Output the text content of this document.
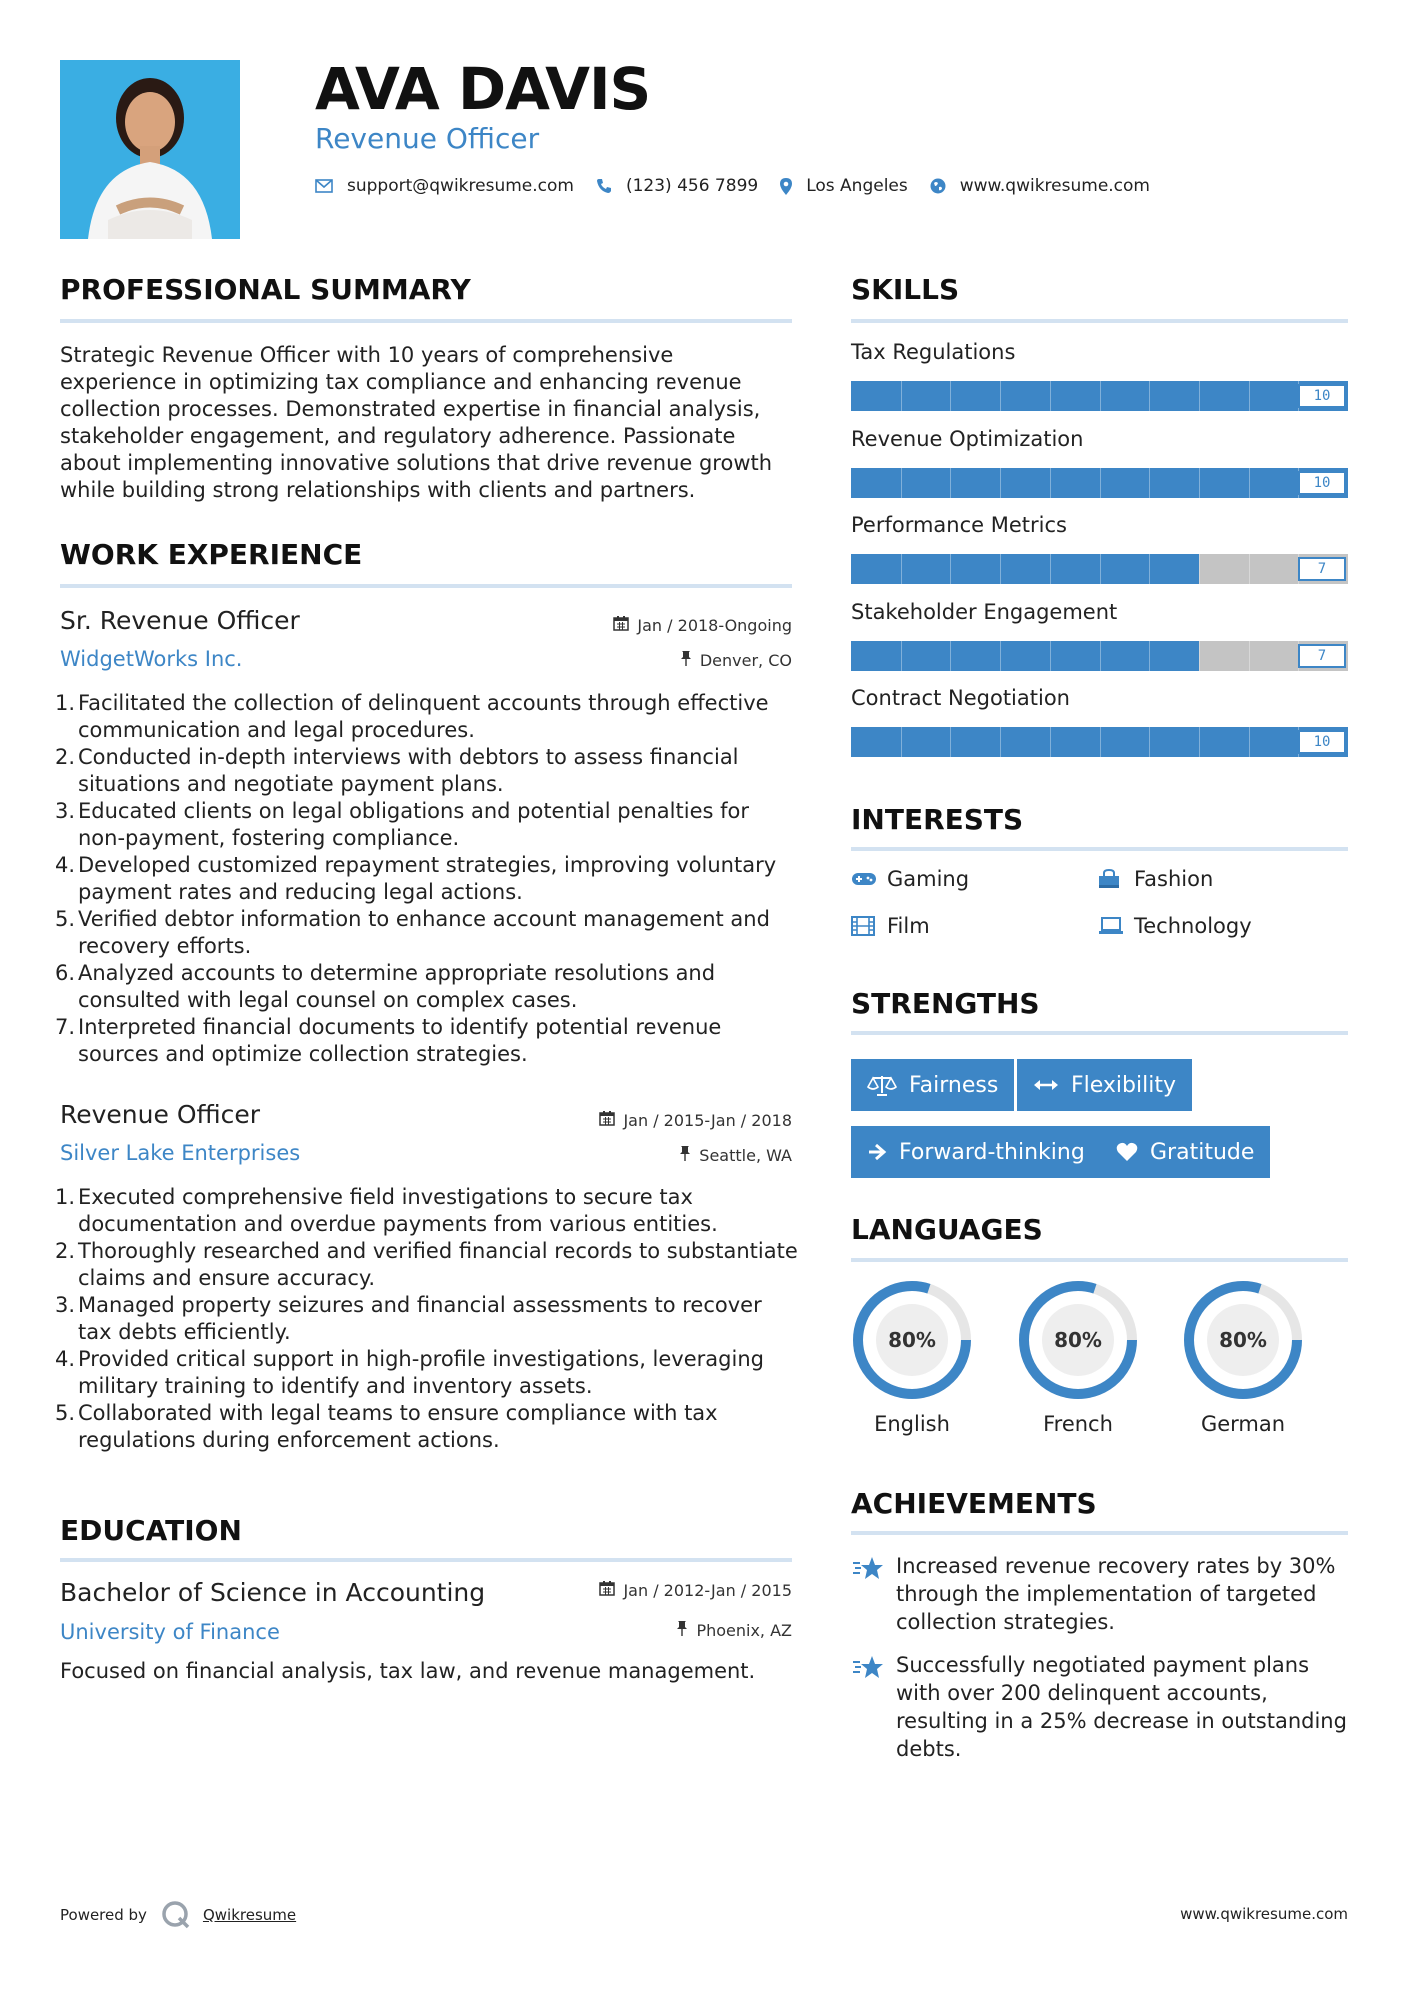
AVA DAVIS
Revenue Officer
support@qwikresume.com	(123) 456 7899	Los Angeles	www.qwikresume.com
PROFESSIONAL SUMMARY
Strategic Revenue Officer with 10 years of comprehensive experience in optimizing tax compliance and enhancing revenue collection processes. Demonstrated expertise in financial analysis, stakeholder engagement, and regulatory adherence. Passionate about implementing innovative solutions that drive revenue growth while building strong relationships with clients and partners.
WORK EXPERIENCE
Sr. Revenue Officer
WidgetWorks Inc.
Jan / 2018-Ongoing
Denver, CO
1. Facilitated the collection of delinquent accounts through effective communication and legal procedures.
2. Conducted in-depth interviews with debtors to assess financial situations and negotiate payment plans.
3. Educated clients on legal obligations and potential penalties for non-payment, fostering compliance.
4. Developed customized repayment strategies, improving voluntary payment rates and reducing legal actions.
5. Verified debtor information to enhance account management and recovery efforts.
6. Analyzed accounts to determine appropriate resolutions and consulted with legal counsel on complex cases.
7. Interpreted financial documents to identify potential revenue sources and optimize collection strategies.
Revenue Officer
Silver Lake Enterprises
Jan / 2015-Jan / 2018
Seattle, WA
1. Executed comprehensive field investigations to secure tax documentation and overdue payments from various entities.
2. Thoroughly researched and verified financial records to substantiate claims and ensure accuracy.
3. Managed property seizures and financial assessments to recover tax debts efficiently.
4. Provided critical support in high-profile investigations, leveraging military training to identify and inventory assets.
5. Collaborated with legal teams to ensure compliance with tax regulations during enforcement actions.
EDUCATION
Bachelor of Science in Accounting
University of Finance
Jan / 2012-Jan / 2015
Phoenix, AZ
Focused on financial analysis, tax law, and revenue management.
SKILLS
Tax Regulations
10
Revenue Optimization
10
Performance Metrics
7
Stakeholder Engagement
7
Contract Negotiation
10
INTERESTS
Gaming	Fashion
Film	Technology
STRENGTHS
Fairness	Flexibility
Forward-thinking	Gratitude
LANGUAGES
80%
English
80%
French
80%
German
ACHIEVEMENTS
Increased revenue recovery rates by 30% through the implementation of targeted collection strategies.
Successfully negotiated payment plans with over 200 delinquent accounts, resulting in a 25% decrease in outstanding debts.
Powered by	Qwikresume	www.qwikresume.com
